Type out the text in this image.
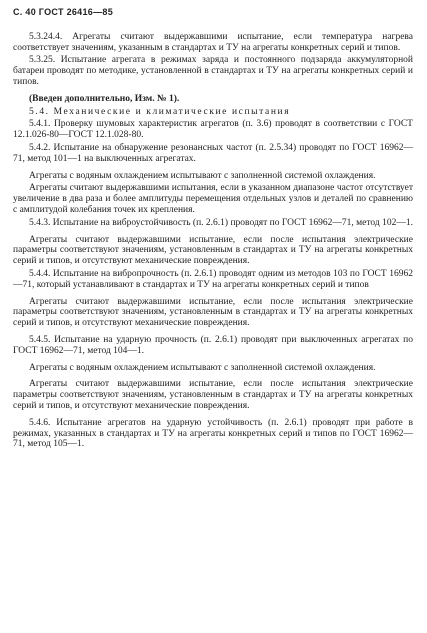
С. 40 ГОСТ 26416—85

5.3.24.4. Агрегаты считают выдержавшими испытание, если температура нагрева соответствует значениям, указанным в стандартах и ТУ на агрегаты конкретных серий и типов.

5.3.25. Испытание агрегата в режимах заряда и постоянного подзаряда аккумуляторной батареи проводят по методике, установленной в стандартах и ТУ на агрегаты конкретных серий и типов.

(Введен дополнительно, Изм. № 1).

5.4. Механические и климатические испытания

5.4.1. Проверку шумовых характеристик агрегатов (п. 3.6) проводят в соответствии с ГОСТ 12.1.026-80—ГОСТ 12.1.028-80.

5.4.2. Испытание на обнаружение резонансных частот (п. 2.5.34) проводят по ГОСТ 16962—71, метод 101—1 на выключенных агрегатах.

Агрегаты с водяным охлаждением испытывают с заполненной системой охлаждения.

Агрегаты считают выдержавшими испытания, если в указанном диапазоне частот отсутствует увеличение в два раза и более амплитуды перемещения отдельных узлов и деталей по сравнению с амплитудой колебания точек их крепления.

5.4.3. Испытание на виброустойчивость (п. 2.6.1) проводят по ГОСТ 16962—71, метод 102—1.

Агрегаты считают выдержавшими испытание, если после испытания электрические параметры соответствуют значениям, установленным в стандартах и ТУ на агрегаты конкретных серий и типов, и отсутствуют механические повреждения.

5.4.4. Испытание на вибропрочность (п. 2.6.1) проводят одним из методов 103 по ГОСТ 16962—71, который устанавливают в стандартах и ТУ на агрегаты конкретных серий и типов

Агрегаты считают выдержавшими испытание, если после испытания электрические параметры соответствуют значениям, установленным в стандартах и ТУ на агрегаты конкретных серий и типов, и отсутствуют механические повреждения.

5.4.5. Испытание на ударную прочность (п. 2.6.1) проводят при выключенных агрегатах по ГОСТ 16962—71, метод 104—1.

Агрегаты с водяным охлаждением испытывают с заполненной системой охлаждения.

Агрегаты считают выдержавшими испытание, если после испытания электрические параметры соответствуют значениям, установленным в стандартах и ТУ на агрегаты конкретных серий и типов, и отсутствуют механические повреждения.

5.4.6. Испытание агрегатов на ударную устойчивость (п. 2.6.1) проводят при работе в режимах, указанных в стандартах и ТУ на агрегаты конкретных серий и типов по ГОСТ 16962—71, метод 105—1.
